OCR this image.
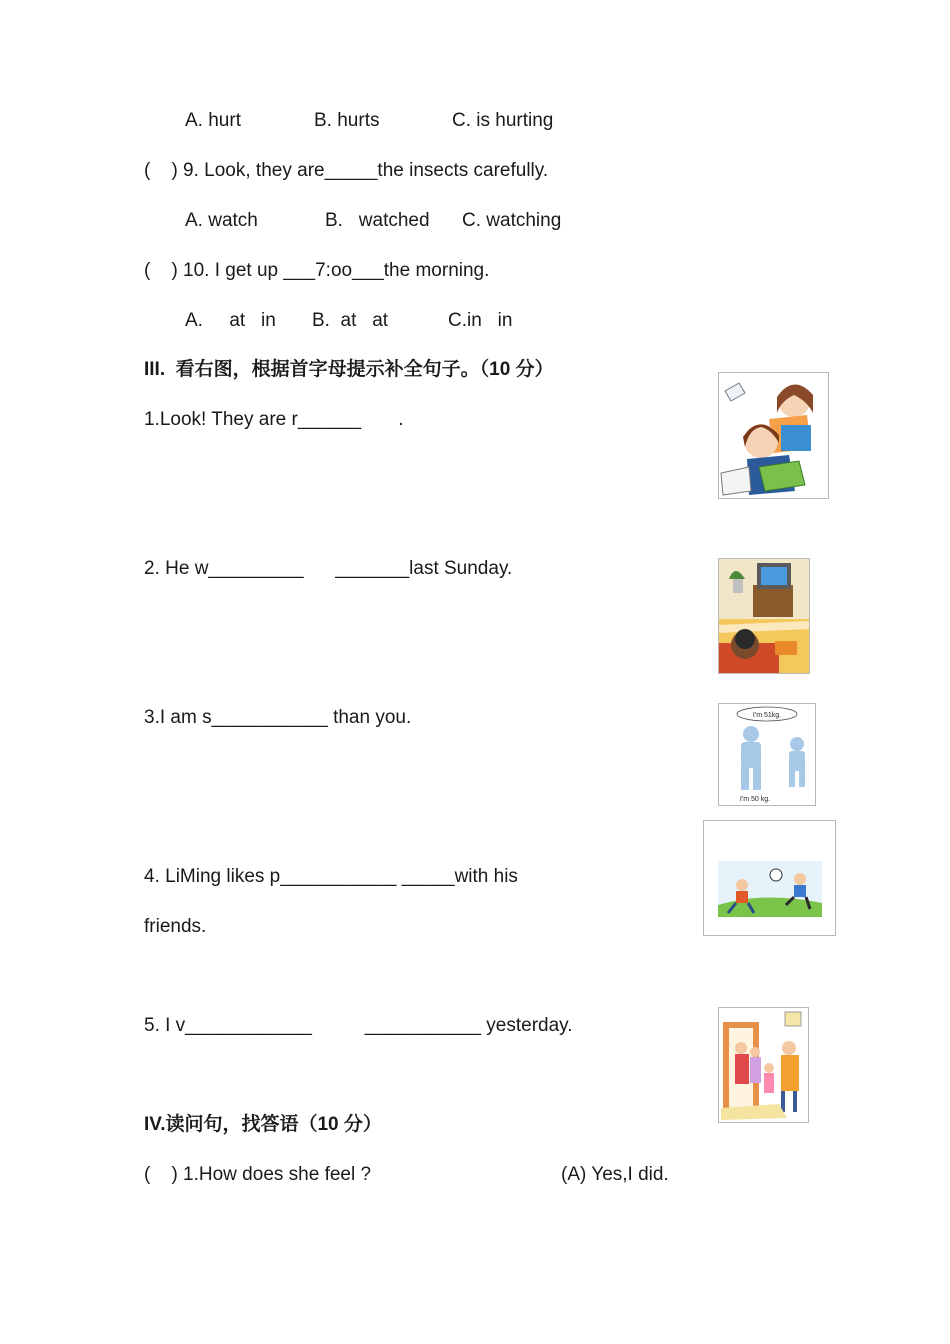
A. hurt	B. hurts	C. is hurting
(    ) 9. Look, they are_____the insects carefully.
A. watch	B.   watched C. watching
(    ) 10. I get up ___7:oo___the morning.
A.     at   in B.  at   at	C.in   in
III.  看右图，根据首字母提示补全句子。（10 分）
1.Look! They are r______       .
2. He w_________      _______last Sunday.
3.I am s___________ than you.
4. LiMing likes p___________ _____with his
friends.
5. I v____________          ___________ yesterday.
I'm 51kg.
I'm 50 kg.
IV.读问句，找答语（10 分）
(    ) 1.How does she feel ?	(A) Yes,I did.
